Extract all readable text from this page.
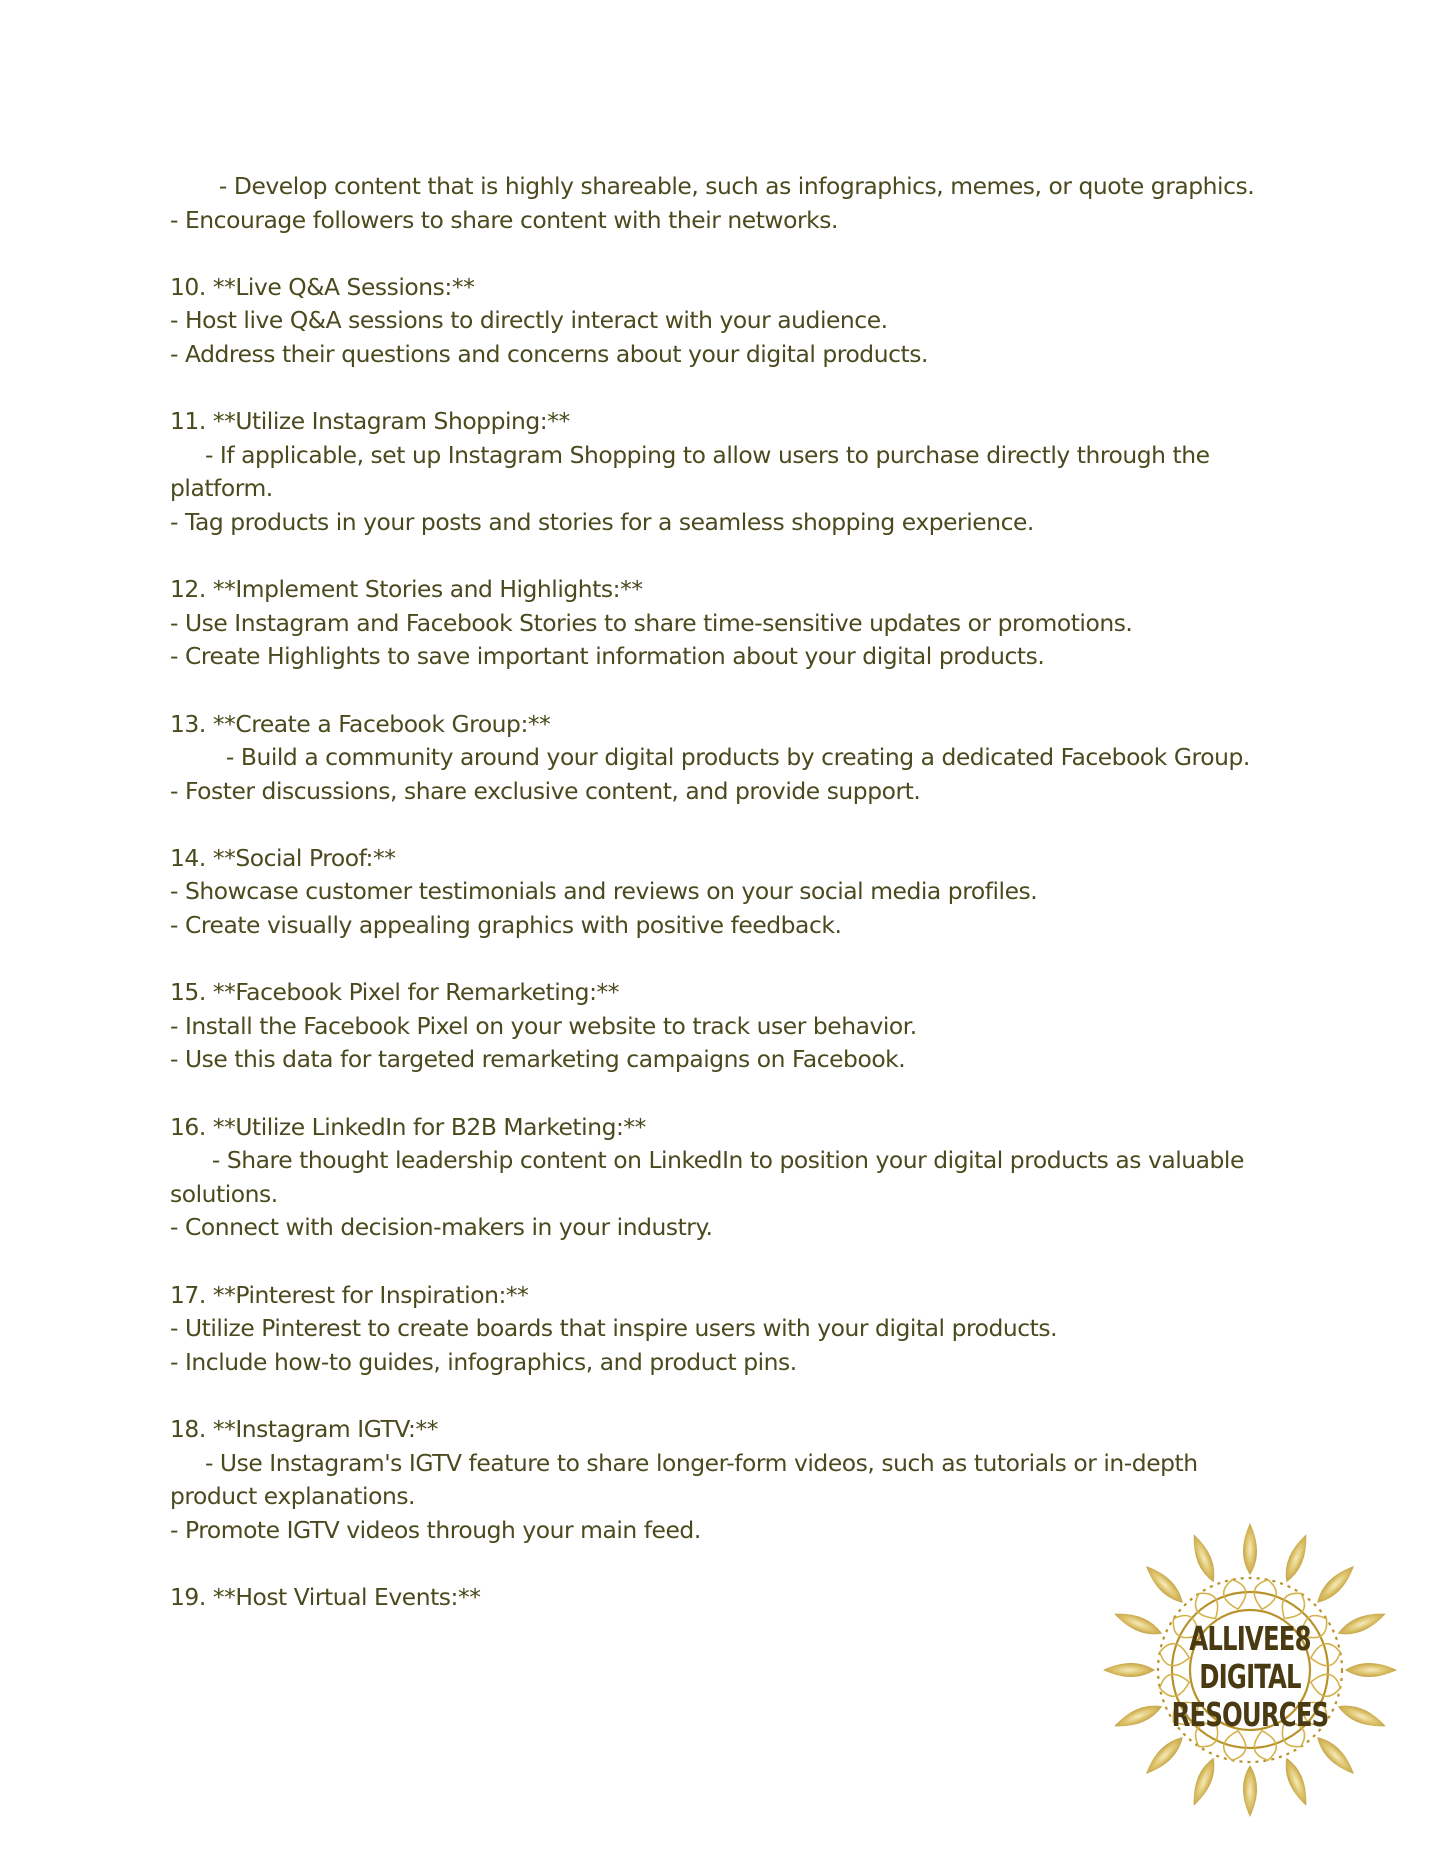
- Develop content that is highly shareable, such as infographics, memes, or quote graphics.
- Encourage followers to share content with their networks.
10. **Live Q&A Sessions:**
- Host live Q&A sessions to directly interact with your audience.
- Address their questions and concerns about your digital products.
11. **Utilize Instagram Shopping:**
- If applicable, set up Instagram Shopping to allow users to purchase directly through the
platform.
- Tag products in your posts and stories for a seamless shopping experience.
12. **Implement Stories and Highlights:**
- Use Instagram and Facebook Stories to share time-sensitive updates or promotions.
- Create Highlights to save important information about your digital products.
13. **Create a Facebook Group:**
- Build a community around your digital products by creating a dedicated Facebook Group.
- Foster discussions, share exclusive content, and provide support.
14. **Social Proof:**
- Showcase customer testimonials and reviews on your social media profiles.
- Create visually appealing graphics with positive feedback.
15. **Facebook Pixel for Remarketing:**
- Install the Facebook Pixel on your website to track user behavior.
- Use this data for targeted remarketing campaigns on Facebook.
16. **Utilize LinkedIn for B2B Marketing:**
- Share thought leadership content on LinkedIn to position your digital products as valuable
solutions.
- Connect with decision-makers in your industry.
17. **Pinterest for Inspiration:**
- Utilize Pinterest to create boards that inspire users with your digital products.
- Include how-to guides, infographics, and product pins.
18. **Instagram IGTV:**
- Use Instagram's IGTV feature to share longer-form videos, such as tutorials or in-depth
product explanations.
- Promote IGTV videos through your main feed.
19. **Host Virtual Events:**
ALLIVEE8
DIGITAL
RESOURCES
